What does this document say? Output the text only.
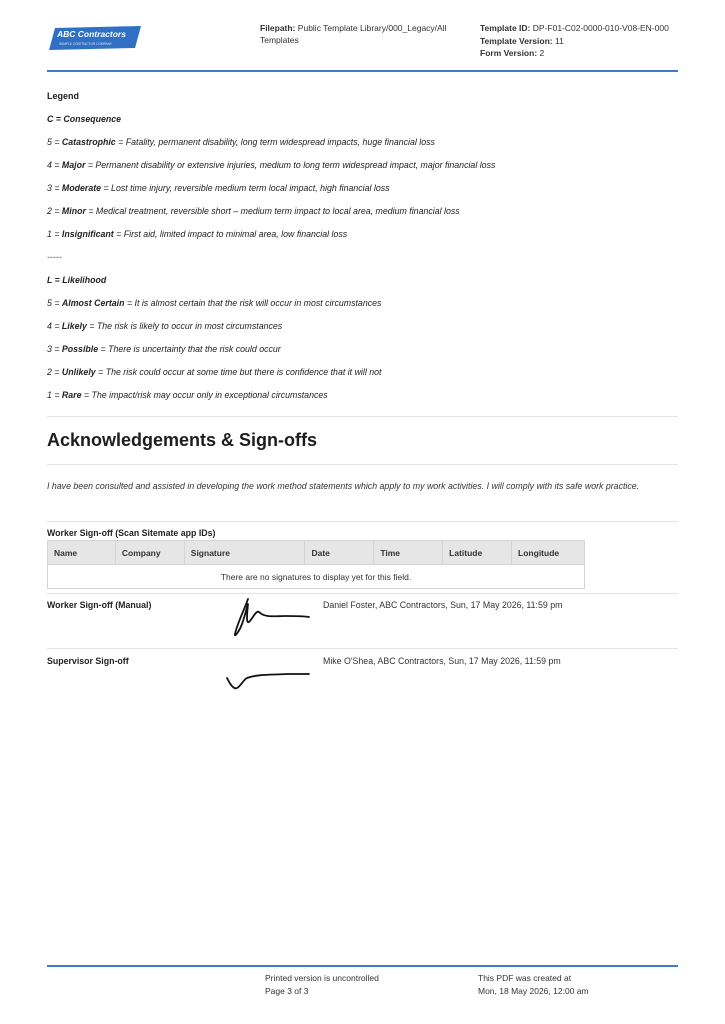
ABC Contractors
SAMPLE CONTRACTOR COMPANY
Filepath: Public Template Library/000_Legacy/All Templates
Template ID: DP-F01-C02-0000-010-V08-EN-000
Template Version: 11
Form Version: 2
Legend
C = Consequence
5 = Catastrophic = Fatality, permanent disability, long term widespread impacts, huge financial loss
4 = Major = Permanent disability or extensive injuries, medium to long term widespread impact, major financial loss
3 = Moderate = Lost time injury, reversible medium term local impact, high financial loss
2 = Minor = Medical treatment, reversible short – medium term impact to local area, medium financial loss
1 = Insignificant = First aid, limited impact to minimal area, low financial loss
-----
L = Likelihood
5 = Almost Certain = It is almost certain that the risk will occur in most circumstances
4 = Likely = The risk is likely to occur in most circumstances
3 = Possible = There is uncertainty that the risk could occur
2 = Unlikely = The risk could occur at some time but there is confidence that it will not
1 = Rare = The impact/risk may occur only in exceptional circumstances
Acknowledgements & Sign-offs
I have been consulted and assisted in developing the work method statements which apply to my work activities. I will comply with its safe work practice.
Worker Sign-off (Scan Sitemate app IDs)
Name	Company	Signature	Date	Time	Latitude	Longitude
There are no signatures to display yet for this field.
Worker Sign-off (Manual)	Daniel Foster, ABC Contractors, Sun, 17 May 2026, 11:59 pm
Supervisor Sign-off	Mike O'Shea, ABC Contractors, Sun, 17 May 2026, 11:59 pm
Printed version is uncontrolled
Page 3 of 3
This PDF was created at
Mon, 18 May 2026, 12:00 am
